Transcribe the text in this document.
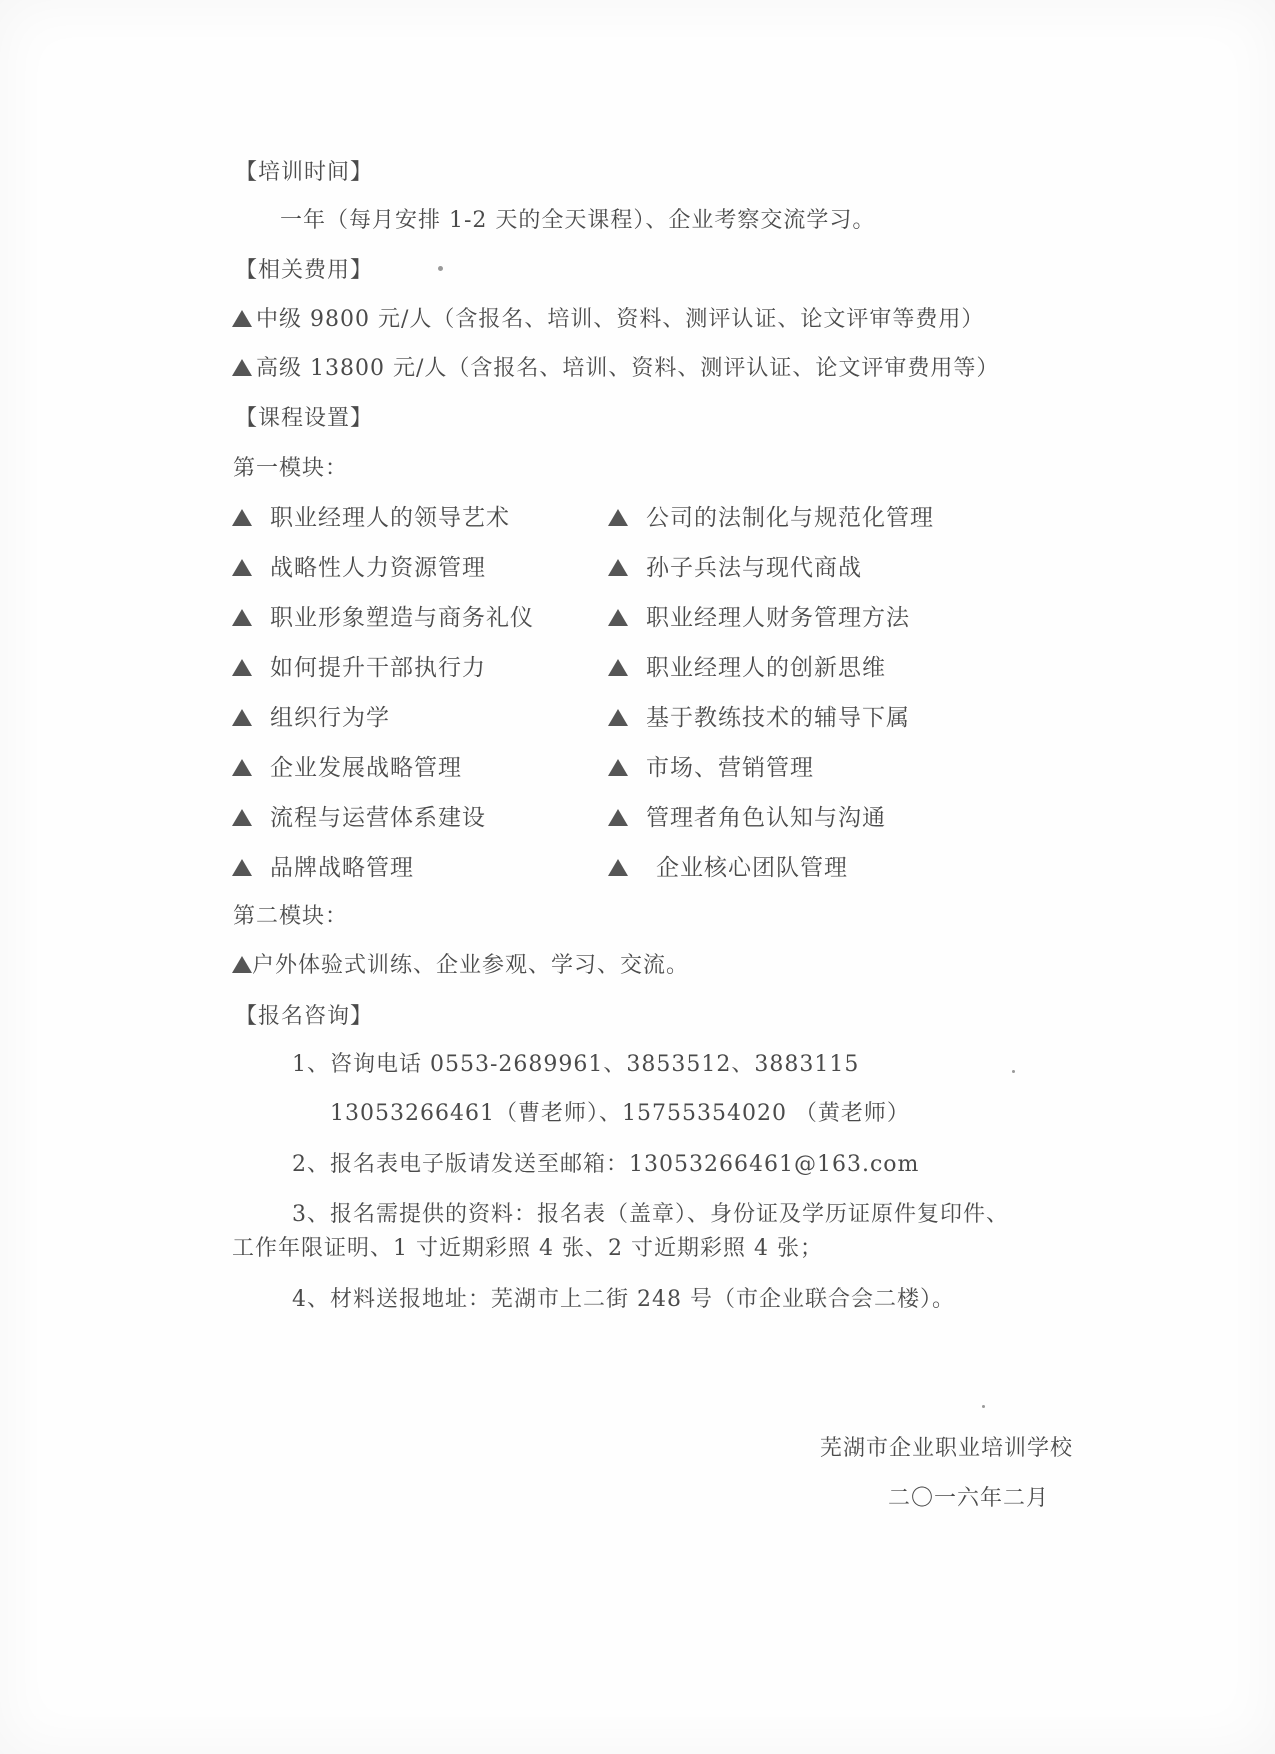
【培训时间】
一年（每月安排 1-2 天的全天课程）、企业考察交流学习。
【相关费用】
中级 9800 元/人（含报名、培训、资料、测评认证、论文评审等费用）
高级 13800 元/人（含报名、培训、资料、测评认证、论文评审费用等）
【课程设置】
第一模块：
职业经理人的领导艺术
战略性人力资源管理
职业形象塑造与商务礼仪
如何提升干部执行力
组织行为学
企业发展战略管理
流程与运营体系建设
品牌战略管理
公司的法制化与规范化管理
孙子兵法与现代商战
职业经理人财务管理方法
职业经理人的创新思维
基于教练技术的辅导下属
市场、营销管理
管理者角色认知与沟通
企业核心团队管理
第二模块：
户外体验式训练、企业参观、学习、交流。
【报名咨询】
1、咨询电话 0553-2689961、3853512、3883115
13053266461（曹老师）、15755354020 （黄老师）
2、报名表电子版请发送至邮箱：13053266461@163.com
3、报名需提供的资料：报名表（盖章）、身份证及学历证原件复印件、
工作年限证明、1 寸近期彩照 4 张、2 寸近期彩照 4 张；
4、材料送报地址：芜湖市上二街 248 号（市企业联合会二楼）。
芜湖市企业职业培训学校
二〇一六年二月
